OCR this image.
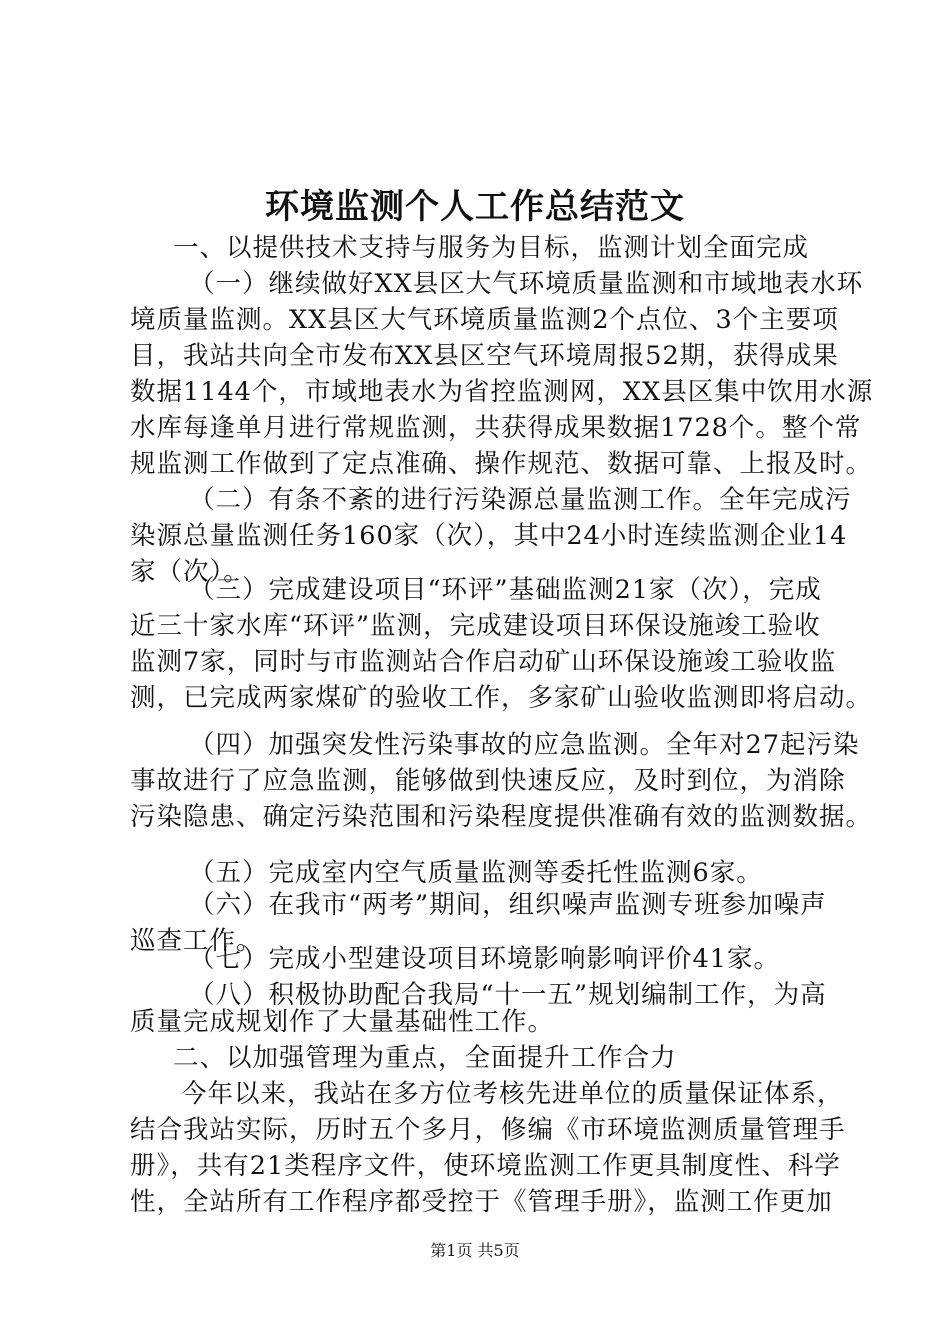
环境监测个人工作总结范文
一、以提供技术支持与服务为目标，监测计划全面完成
（一）继续做好XX县区大气环境质量监测和市域地表水环
境质量监测。XX县区大气环境质量监测2个点位、3个主要项
目，我站共向全市发布XX县区空气环境周报52期，获得成果
数据1144个，市域地表水为省控监测网，XX县区集中饮用水源
水库每逢单月进行常规监测，共获得成果数据1728个。整个常
规监测工作做到了定点准确、操作规范、数据可靠、上报及时。
（二）有条不紊的进行污染源总量监测工作。全年完成污
染源总量监测任务160家（次），其中24小时连续监测企业14
家（次）。
（三）完成建设项目“环评”基础监测21家（次），完成
近三十家水库“环评”监测，完成建设项目环保设施竣工验收
监测7家，同时与市监测站合作启动矿山环保设施竣工验收监
测，已完成两家煤矿的验收工作，多家矿山验收监测即将启动。
（四）加强突发性污染事故的应急监测。全年对27起污染
事故进行了应急监测，能够做到快速反应，及时到位，为消除
污染隐患、确定污染范围和污染程度提供准确有效的监测数据。
（五）完成室内空气质量监测等委托性监测6家。
（六）在我市“两考”期间，组织噪声监测专班参加噪声
巡查工作。
（七）完成小型建设项目环境影响影响评价41家。
（八）积极协助配合我局“十一五”规划编制工作，为高
质量完成规划作了大量基础性工作。
二、以加强管理为重点，全面提升工作合力
今年以来，我站在多方位考核先进单位的质量保证体系，
结合我站实际，历时五个多月，修编《市环境监测质量管理手
册》，共有21类程序文件，使环境监测工作更具制度性、科学
性，全站所有工作程序都受控于《管理手册》，监测工作更加
第1页 共5页
